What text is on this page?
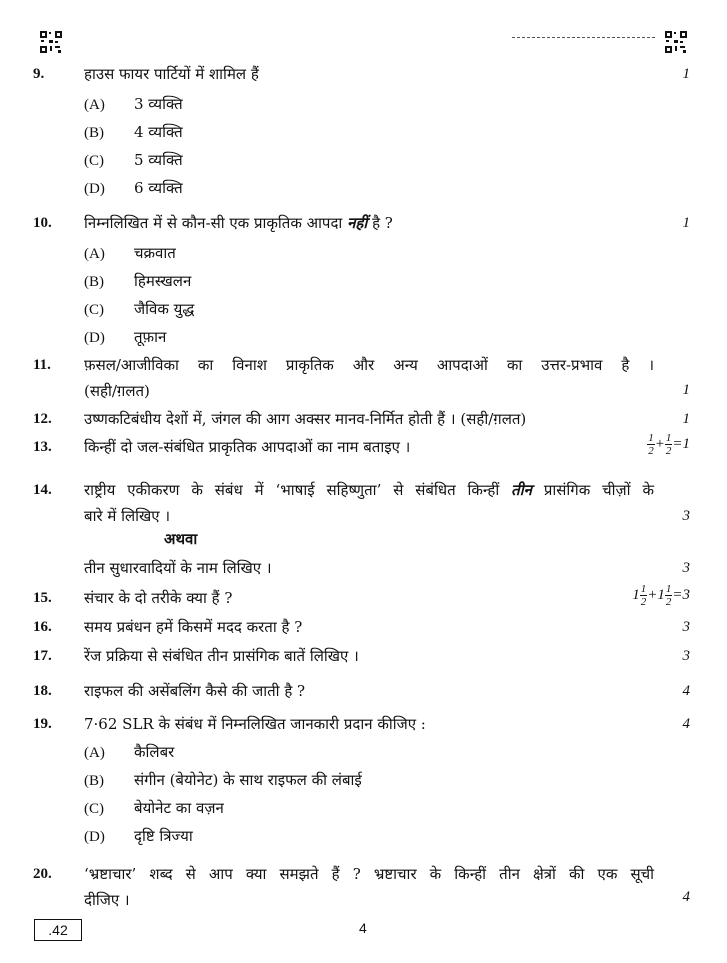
9.	हाउस फायर पार्टियों में शामिल हैं	1
(A) 3 व्यक्ति
(B) 4 व्यक्ति
(C) 5 व्यक्ति
(D) 6 व्यक्ति
10. निम्नलिखित में से कौन-सी एक प्राकृतिक आपदा नहीं है ?	1
(A) चक्रवात
(B) हिमस्खलन
(C) जैविक युद्ध
(D) तूफ़ान
11. फ़सल/आजीविका का विनाश प्राकृतिक और अन्य आपदाओं का उत्तर-प्रभाव है ।
(सही/ग़लत)	1
12. उष्णकटिबंधीय देशों में, जंगल की आग अक्सर मानव-निर्मित होती हैं । (सही/ग़लत)	1
13. किन्हीं दो जल-संबंधित प्राकृतिक आपदाओं का नाम बताइए ।	$\frac{1}{2} + \frac{1}{2} =1$
14. राष्ट्रीय एकीकरण के संबंध में ‘भाषाई सहिष्णुता’ से संबंधित किन्हीं तीन प्रासंगिक चीज़ों के
बारे में लिखिए ।	3
अथवा
तीन सुधारवादियों के नाम लिखिए ।	3
15. संचार के दो तरीके क्या हैं ?	$1 \frac{1}{2} +1 \frac{1}{2} =3$
16. समय प्रबंधन हमें किसमें मदद करता है ?	3
17. रेंज प्रक्रिया से संबंधित तीन प्रासंगिक बातें लिखिए ।	3
18. राइफल की असेंबलिंग कैसे की जाती है ?	4
19. 7·62 SLR के संबंध में निम्नलिखित जानकारी प्रदान कीजिए :	4
(A) कैलिबर
(B) संगीन (बेयोनेट) के साथ राइफल की लंबाई
(C) बेयोनेट का वज़न
(D) दृष्टि त्रिज्या
20. ‘भ्रष्टाचार’ शब्द से आप क्या समझते हैं ? भ्रष्टाचार के किन्हीं तीन क्षेत्रों की एक सूची
दीजिए ।	4
.42	4
